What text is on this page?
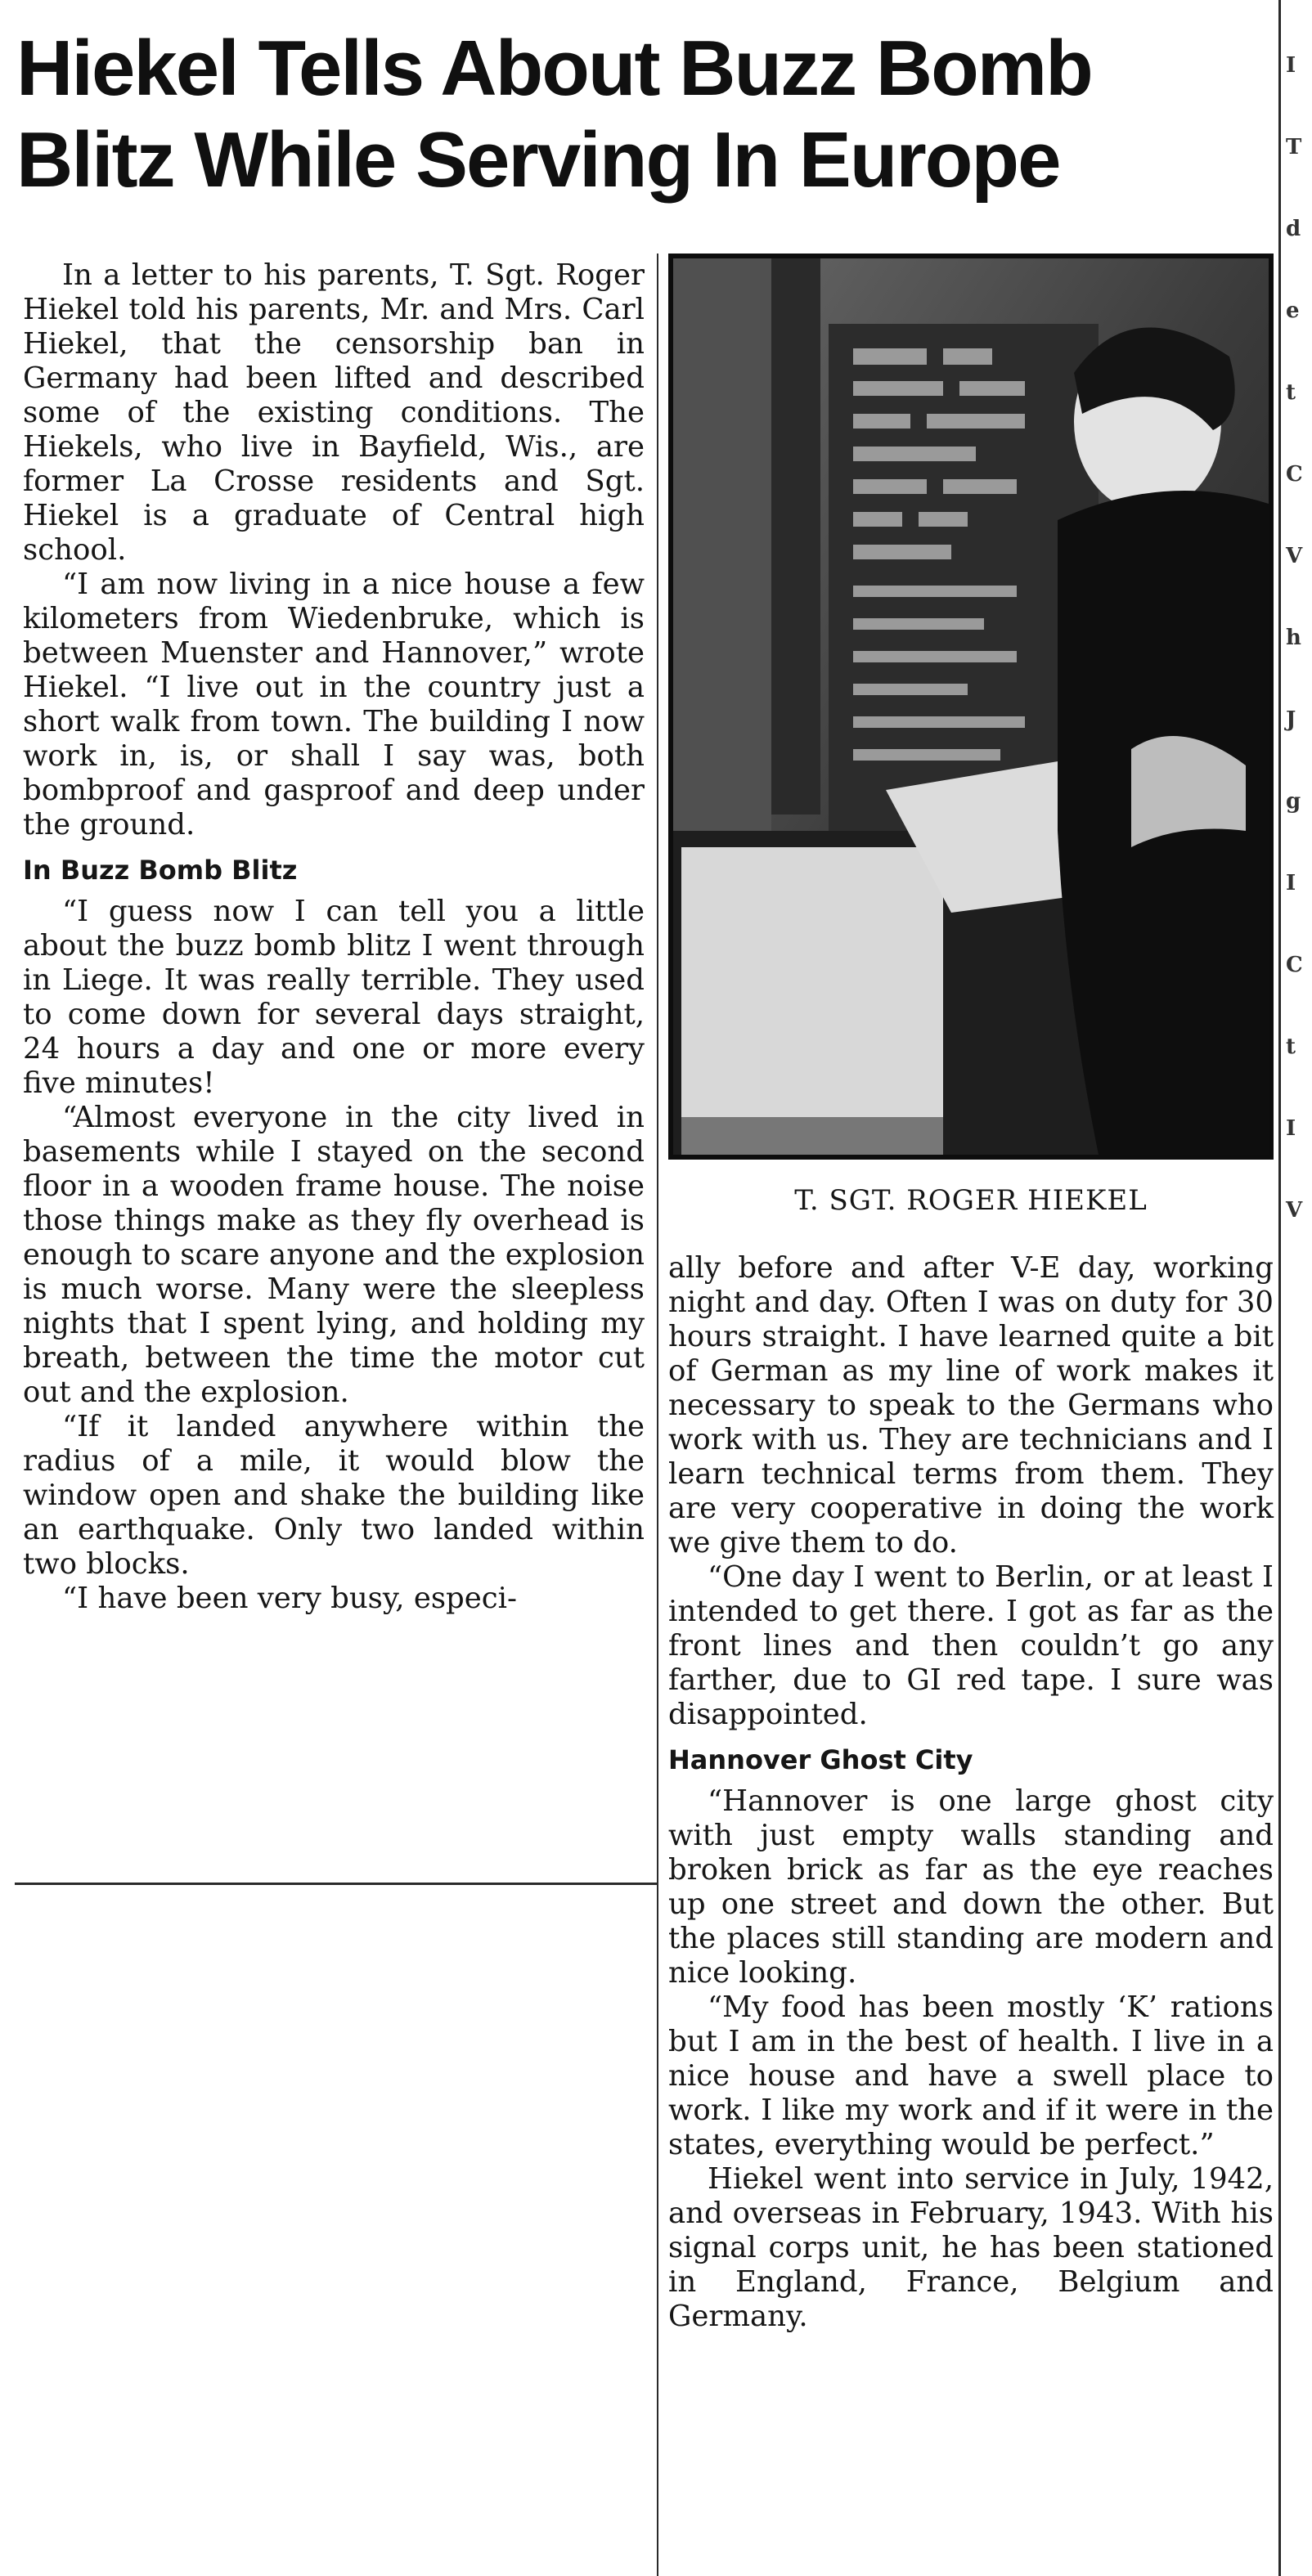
Hiekel Tells About Buzz Bomb Blitz While Serving In Europe
I
T
d
e
t
C
V
h
J
g
I
C
t
I
V

In a letter to his parents, T. Sgt. Roger Hiekel told his parents, Mr. and Mrs. Carl Hiekel, that the censorship ban in Germany had been lifted and described some of the existing conditions. The Hiekels, who live in Bayfield, Wis., are former La Crosse residents and Sgt. Hiekel is a graduate of Central high school.

“I am now living in a nice house a few kilometers from Wiedenbruke, which is between Muenster and Hannover,” wrote Hiekel. “I live out in the country just a short walk from town. The building I now work in, is, or shall I say was, both bombproof and gasproof and deep under the ground.

In Buzz Bomb Blitz

“I guess now I can tell you a little about the buzz bomb blitz I went through in Liege. It was really terrible. They used to come down for several days straight, 24 hours a day and one or more every five minutes!

“Almost everyone in the city lived in basements while I stayed on the second floor in a wooden frame house. The noise those things make as they fly overhead is enough to scare anyone and the explosion is much worse. Many were the sleepless nights that I spent lying, and holding my breath, between the time the motor cut out and the explosion.

“If it landed anywhere within the radius of a mile, it would blow the window open and shake the building like an earthquake. Only two landed within two blocks.

“I have been very busy, especi-

T. SGT. ROGER HIEKEL

ally before and after V-E day, working night and day. Often I was on duty for 30 hours straight. I have learned quite a bit of German as my line of work makes it necessary to speak to the Germans who work with us. They are technicians and I learn technical terms from them. They are very cooperative in doing the work we give them to do.

“One day I went to Berlin, or at least I intended to get there. I got as far as the front lines and then couldn’t go any farther, due to GI red tape. I sure was disappointed.

Hannover Ghost City

“Hannover is one large ghost city with just empty walls standing and broken brick as far as the eye reaches up one street and down the other. But the places still standing are modern and nice looking.

“My food has been mostly ‘K’ rations but I am in the best of health. I live in a nice house and have a swell place to work. I like my work and if it were in the states, everything would be perfect.”

Hiekel went into service in July, 1942, and overseas in February, 1943. With his signal corps unit, he has been stationed in England, France, Belgium and Germany.
